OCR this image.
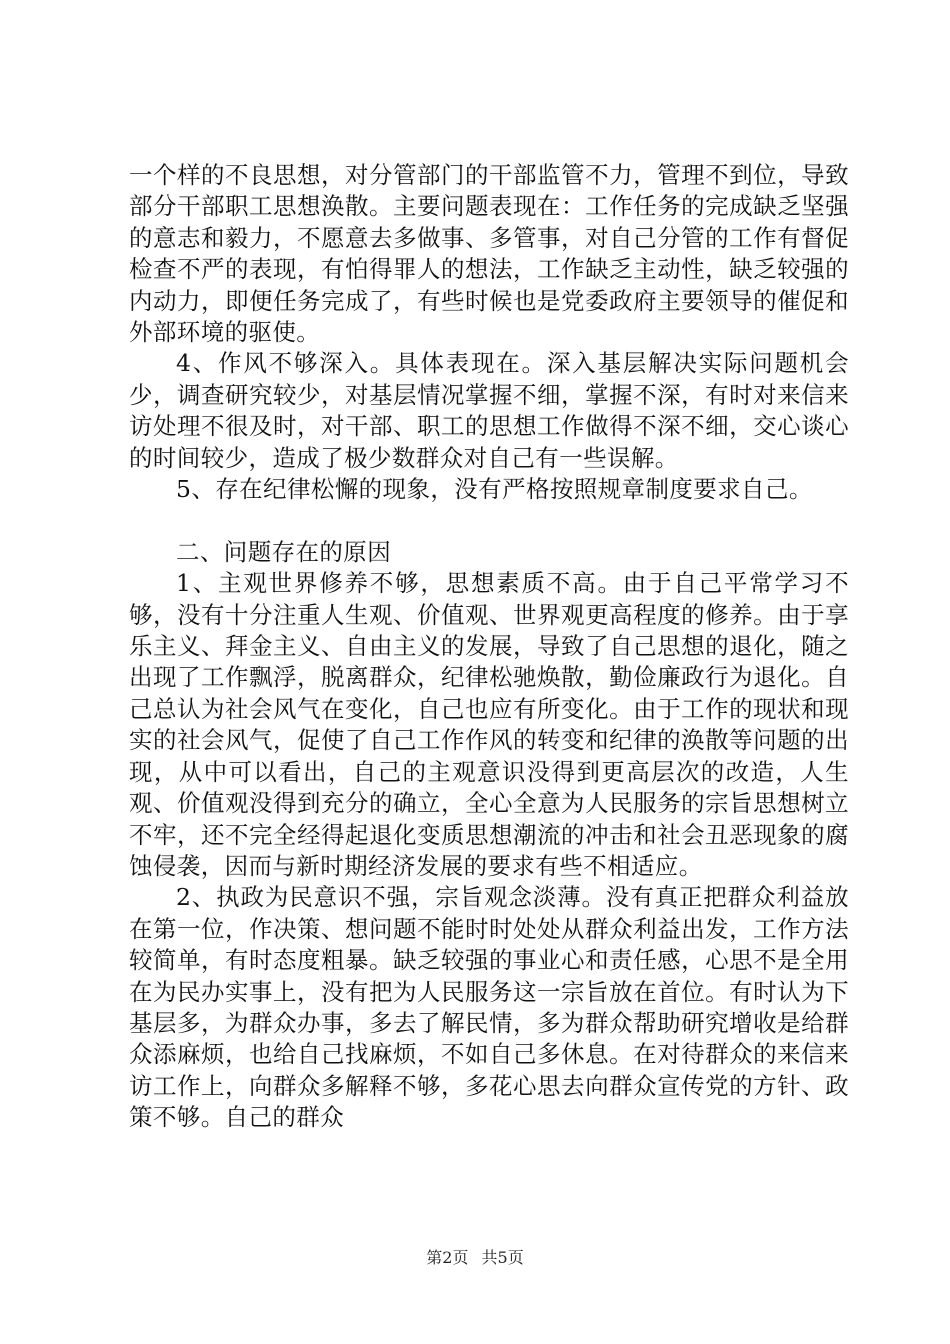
一个样的不良思想，对分管部门的干部监管不力，管理不到位，导致部分干部职工思想涣散。主要问题表现在：工作任务的完成缺乏坚强的意志和毅力，不愿意去多做事、多管事，对自己分管的工作有督促检查不严的表现，有怕得罪人的想法，工作缺乏主动性，缺乏较强的内动力，即便任务完成了，有些时候也是党委政府主要领导的催促和外部环境的驱使。

4、作风不够深入。具体表现在。深入基层解决实际问题机会少，调查研究较少，对基层情况掌握不细，掌握不深，有时对来信来访处理不很及时，对干部、职工的思想工作做得不深不细，交心谈心的时间较少，造成了极少数群众对自己有一些误解。

5、存在纪律松懈的现象，没有严格按照规章制度要求自己。

二、问题存在的原因

1、主观世界修养不够，思想素质不高。由于自己平常学习不够，没有十分注重人生观、价值观、世界观更高程度的修养。由于享乐主义、拜金主义、自由主义的发展，导致了自己思想的退化，随之出现了工作飘浮，脱离群众，纪律松驰焕散，勤俭廉政行为退化。自己总认为社会风气在变化，自己也应有所变化。由于工作的现状和现实的社会风气，促使了自己工作作风的转变和纪律的涣散等问题的出现，从中可以看出，自己的主观意识没得到更高层次的改造，人生观、价值观没得到充分的确立，全心全意为人民服务的宗旨思想树立不牢，还不完全经得起退化变质思想潮流的冲击和社会丑恶现象的腐蚀侵袭，因而与新时期经济发展的要求有些不相适应。

2、执政为民意识不强，宗旨观念淡薄。没有真正把群众利益放在第一位，作决策、想问题不能时时处处从群众利益出发，工作方法较简单，有时态度粗暴。缺乏较强的事业心和责任感，心思不是全用在为民办实事上，没有把为人民服务这一宗旨放在首位。有时认为下基层多，为群众办事，多去了解民情，多为群众帮助研究增收是给群众添麻烦，也给自己找麻烦，不如自己多休息。在对待群众的来信来访工作上，向群众多解释不够，多花心思去向群众宣传党的方针、政策不够。自己的群众

第2页 共5页
